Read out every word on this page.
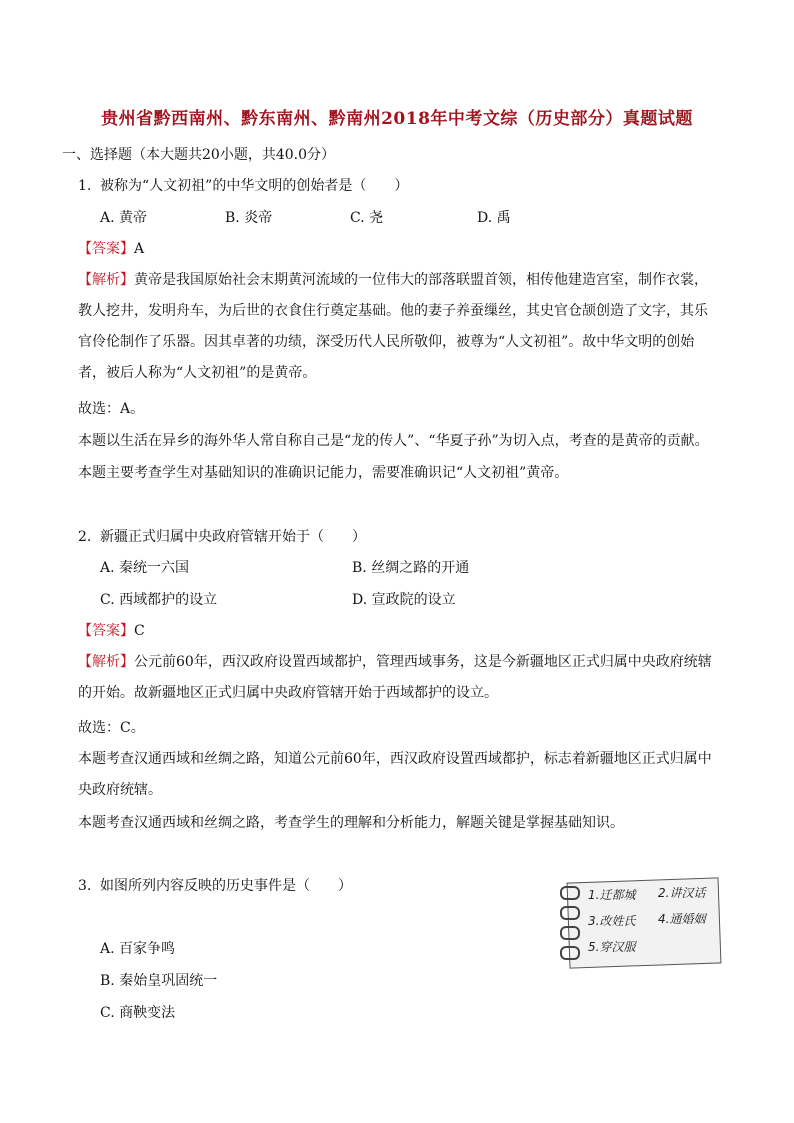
贵州省黔西南州、黔东南州、黔南州2018年中考文综（历史部分）真题试题
一、选择题（本大题共20小题，共40.0分）
1. 被称为“人文初祖”的中华文明的创始者是（　　）
A. 黄帝	B. 炎帝	C. 尧	D. 禹
【答案】A
【解析】黄帝是我国原始社会末期黄河流域的一位伟大的部落联盟首领，相传他建造宫室，制作衣裳，教人挖井，发明舟车，为后世的衣食住行奠定基础。他的妻子养蚕缫丝，其史官仓颉创造了文字，其乐官伶伦制作了乐器。因其卓著的功绩，深受历代人民所敬仰，被尊为“人文初祖”。故中华文明的创始者，被后人称为“人文初祖”的是黄帝。
故选：A。
本题以生活在异乡的海外华人常自称自己是“龙的传人”、“华夏子孙”为切入点，考查的是黄帝的贡献。
本题主要考查学生对基础知识的准确识记能力，需要准确识记“人文初祖”黄帝。
2. 新疆正式归属中央政府管辖开始于（　　）
A. 秦统一六国	B. 丝绸之路的开通
C. 西域都护的设立	D. 宣政院的设立
【答案】C
【解析】公元前60年，西汉政府设置西域都护，管理西域事务，这是今新疆地区正式归属中央政府统辖的开始。故新疆地区正式归属中央政府管辖开始于西域都护的设立。
故选：C。
本题考查汉通西域和丝绸之路，知道公元前60年，西汉政府设置西域都护，标志着新疆地区正式归属中央政府统辖。
本题考查汉通西域和丝绸之路，考查学生的理解和分析能力，解题关键是掌握基础知识。
3. 如图所列内容反映的历史事件是（　　）
1.迁都城 2.讲汉话
3.改姓氏 4.通婚姻
5.穿汉服
A. 百家争鸣
B. 秦始皇巩固统一
C. 商鞅变法
